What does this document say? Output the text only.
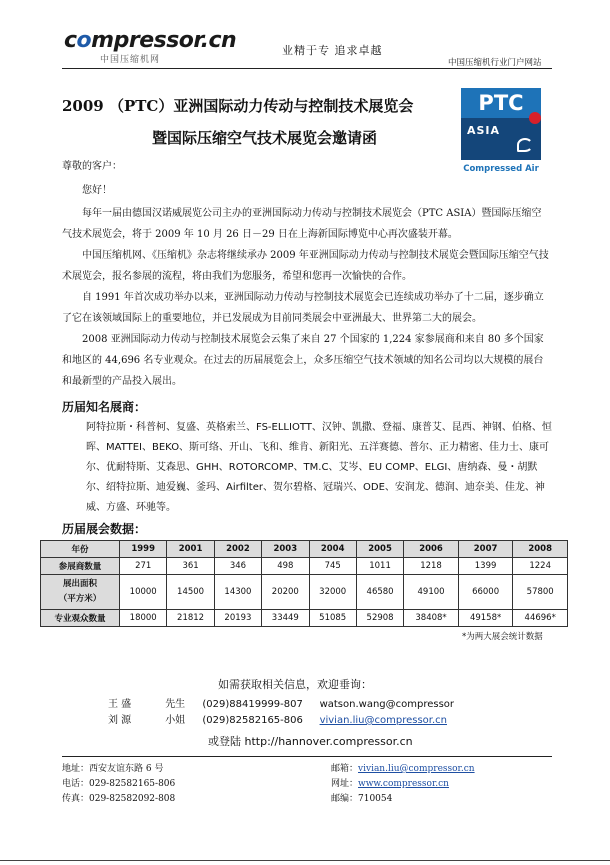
compressor.cn
中国压缩机网
业精于专 追求卓越
中国压缩机行业门户网站
2009 （PTC）亚洲国际动力传动与控制技术展览会
暨国际压缩空气技术展览会邀请函
PTC
ASIA
Compressed Air
尊敬的客户：
您好！
每年一届由德国汉诺威展览公司主办的亚洲国际动力传动与控制技术展览会（PTC ASIA）暨国际压缩空气技术展览会，将于 2009 年 10 月 26 日－29 日在上海新国际博览中心再次盛装开幕。
中国压缩机网、《压缩机》杂志将继续承办 2009 年亚洲国际动力传动与控制技术展览会暨国际压缩空气技术展览会，报名参展的流程，将由我们为您服务，希望和您再一次愉快的合作。
自 1991 年首次成功举办以来，亚洲国际动力传动与控制技术展览会已连续成功举办了十二届，逐步确立了它在该领域国际上的重要地位，并已发展成为目前同类展会中亚洲最大、世界第二大的展会。
2008 亚洲国际动力传动与控制技术展览会云集了来自 27 个国家的 1,224 家参展商和来自 80 多个国家和地区的 44,696 名专业观众。在过去的历届展览会上，众多压缩空气技术领域的知名公司均以大规模的展台和最新型的产品投入展出。
历届知名展商：
阿特拉斯・科普柯、复盛、英格索兰、FS-ELLIOTT、汉钟、凯撒、登福、康普艾、昆西、神钢、伯格、恒晖、MATTEI、BEKO、斯可络、开山、飞和、维肯、新阳光、五洋赛德、普尔、正力精密、佳力士、康可尔、优耐特斯、艾森思、GHH、ROTORCOMP、TM.C、艾岑、EU COMP、ELGI、唐纳森、曼・胡默尔、绍特拉斯、迪爱巍、釜玛、Airfilter、贺尔碧格、冠瑞兴、ODE、安润龙、德润、迪奈美、佳龙、神威、方盛、环驰等。
历届展会数据：
年份	1999	2001	2002	2003	2004	2005	2006	2007	2008
参展商数量	271	361	346	498	745	1011	1218	1399	1224

展出面积
（平方米）	10000	14500	14300	20200	32000	46580	49100	66000	57800
专业观众数量	18000	21812	20193	33449	51085	52908	38408*	49158*	44696*
*为两大展会统计数据
如需获取相关信息，欢迎垂询：
王 盛	先生 (029)88419999-807 watson.wang@compressor
刘 源	小姐 (029)82582165-806 vivian.liu@compressor.cn
或登陆 http://hannover.compressor.cn
地址：西安友谊东路 6 号
电话：029-82582165-806
传真：029-82582092-808
邮箱：vivian.liu@compressor.cn
网址：www.compressor.cn
邮编：710054
